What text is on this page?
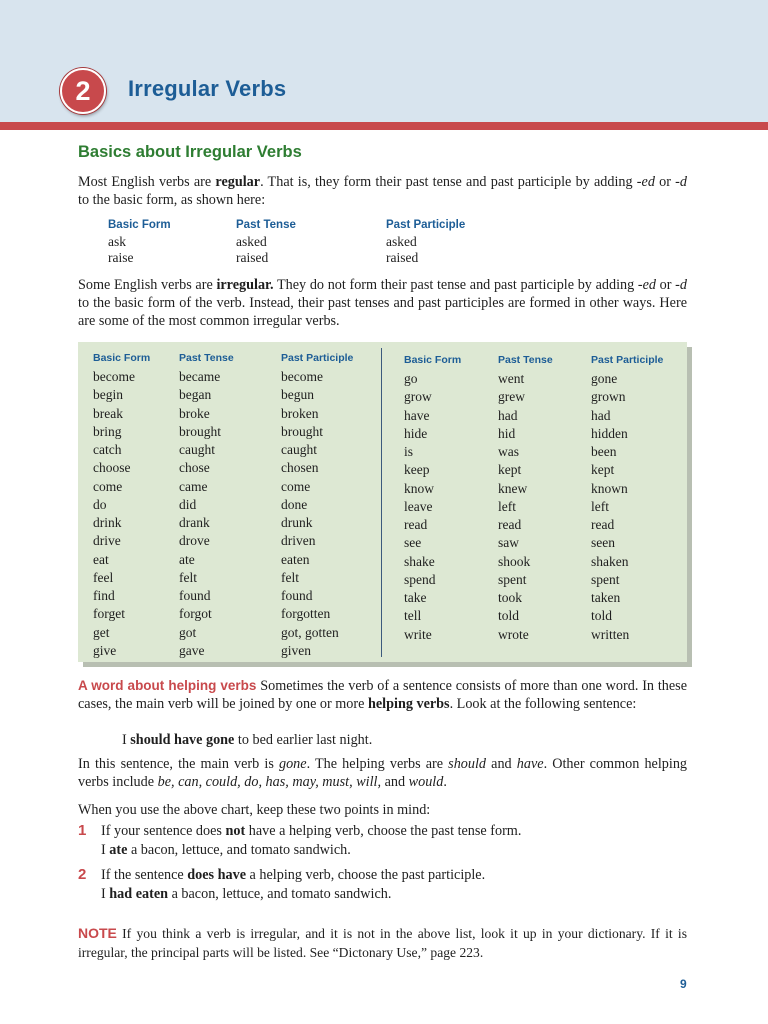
2	Irregular Verbs
Basics about Irregular Verbs

Most English verbs are regular. That is, they form their past tense and past participle by adding -ed or -d to the basic form, as shown here:

Basic Form	Past Tense	Past Participle
ask	asked	asked
raise	raised	raised

Some English verbs are irregular. They do not form their past tense and past participle by adding -ed or -d to the basic form of the verb. Instead, their past tenses and past participles are formed in other ways. Here are some of the most common irregular verbs.

Basic Form	Past Tense	Past Participle
become	became	become
begin	began	begun
break	broke	broken
bring	brought	brought
catch	caught	caught
choose	chose	chosen
come	came	come
do	did	done
drink	drank	drunk
drive	drove	driven
eat	ate	eaten
feel	felt	felt
find	found	found
forget	forgot	forgotten
get	got	got, gotten
give	gave	given
Basic Form	Past Tense	Past Participle
go	went	gone
grow	grew	grown
have	had	had
hide	hid	hidden
is	was	been
keep	kept	kept
know	knew	known
leave	left	left
read	read	read
see	saw	seen
shake	shook	shaken
spend	spent	spent
take	took	taken
tell	told	told
write	wrote	written

A word about helping verbs Sometimes the verb of a sentence consists of more than one word. In these cases, the main verb will be joined by one or more helping verbs. Look at the following sentence:

I should have gone to bed earlier last night.

In this sentence, the main verb is gone. The helping verbs are should and have. Other common helping verbs include be, can, could, do, has, may, must, will, and would.

When you use the above chart, keep these two points in mind:

1 If your sentence does not have a helping verb, choose the past tense form.
I ate a bacon, lettuce, and tomato sandwich.

2 If the sentence does have a helping verb, choose the past participle.
I had eaten a bacon, lettuce, and tomato sandwich.

NOTE If you think a verb is irregular, and it is not in the above list, look it up in your dictionary. If it is irregular, the principal parts will be listed. See “Dictonary Use,” page 223.

9
